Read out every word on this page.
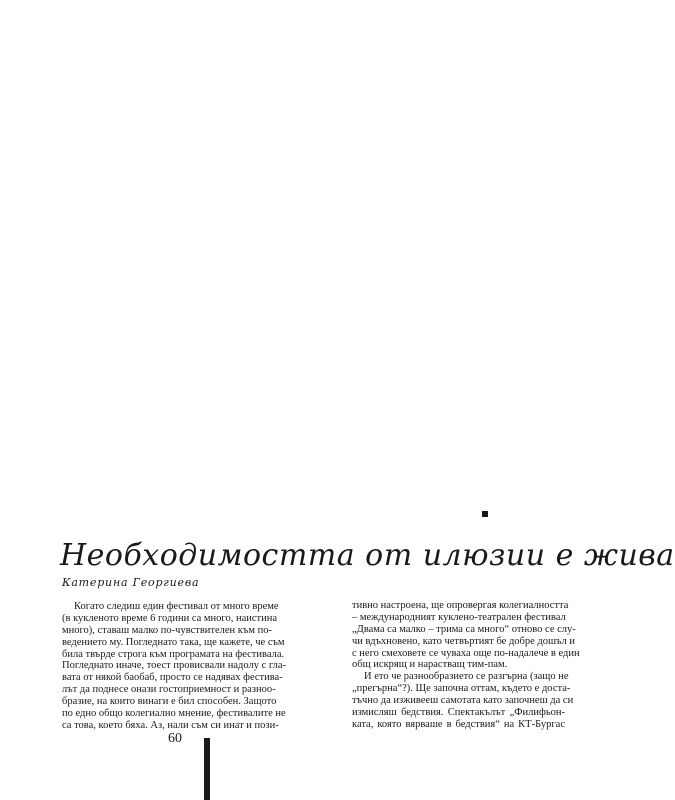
Необходимостта от илюзии е жива

Катерина Георгиева

Когато следиш един фестивал от много време
(в кукленото време 6 години са много, наистина
много), ставаш малко по-чувствителен към по-
ведението му. Погледнато така, ще кажете, че съм
била твърде строга към програмата на фестивала.
Погледнато иначе, тоест провисвали надолу с гла-
вата от някой баобаб, просто се надявах фестива-
лът да поднесе онази гостоприемност и разноо-
бразие, на които винаги е бил способен. Защото
по едно общо колегиално мнение, фестивалите не
са това, което бяха. Аз, нали съм си инат и пози-
тивно настроена, ще опровергая колегиалността
– международният куклено-театрален фестивал
„Двама са малко – трима са много“ отново се слу-
чи вдъхновено, като четвъртият бе добре дошъл и
с него смеховете се чуваха още по-надалече в един
общ искрящ и нарастващ тим-пам.
И ето че разнообразието се разгърна (защо не
„прегърна“?). Ще започна оттам, където е доста-
тъчно да изживееш самотата като започнеш да си
измисляш бедствия. Спектакълът „Филифьон-
ката, която вярваше в бедствия“ на КТ-Бургас

60
